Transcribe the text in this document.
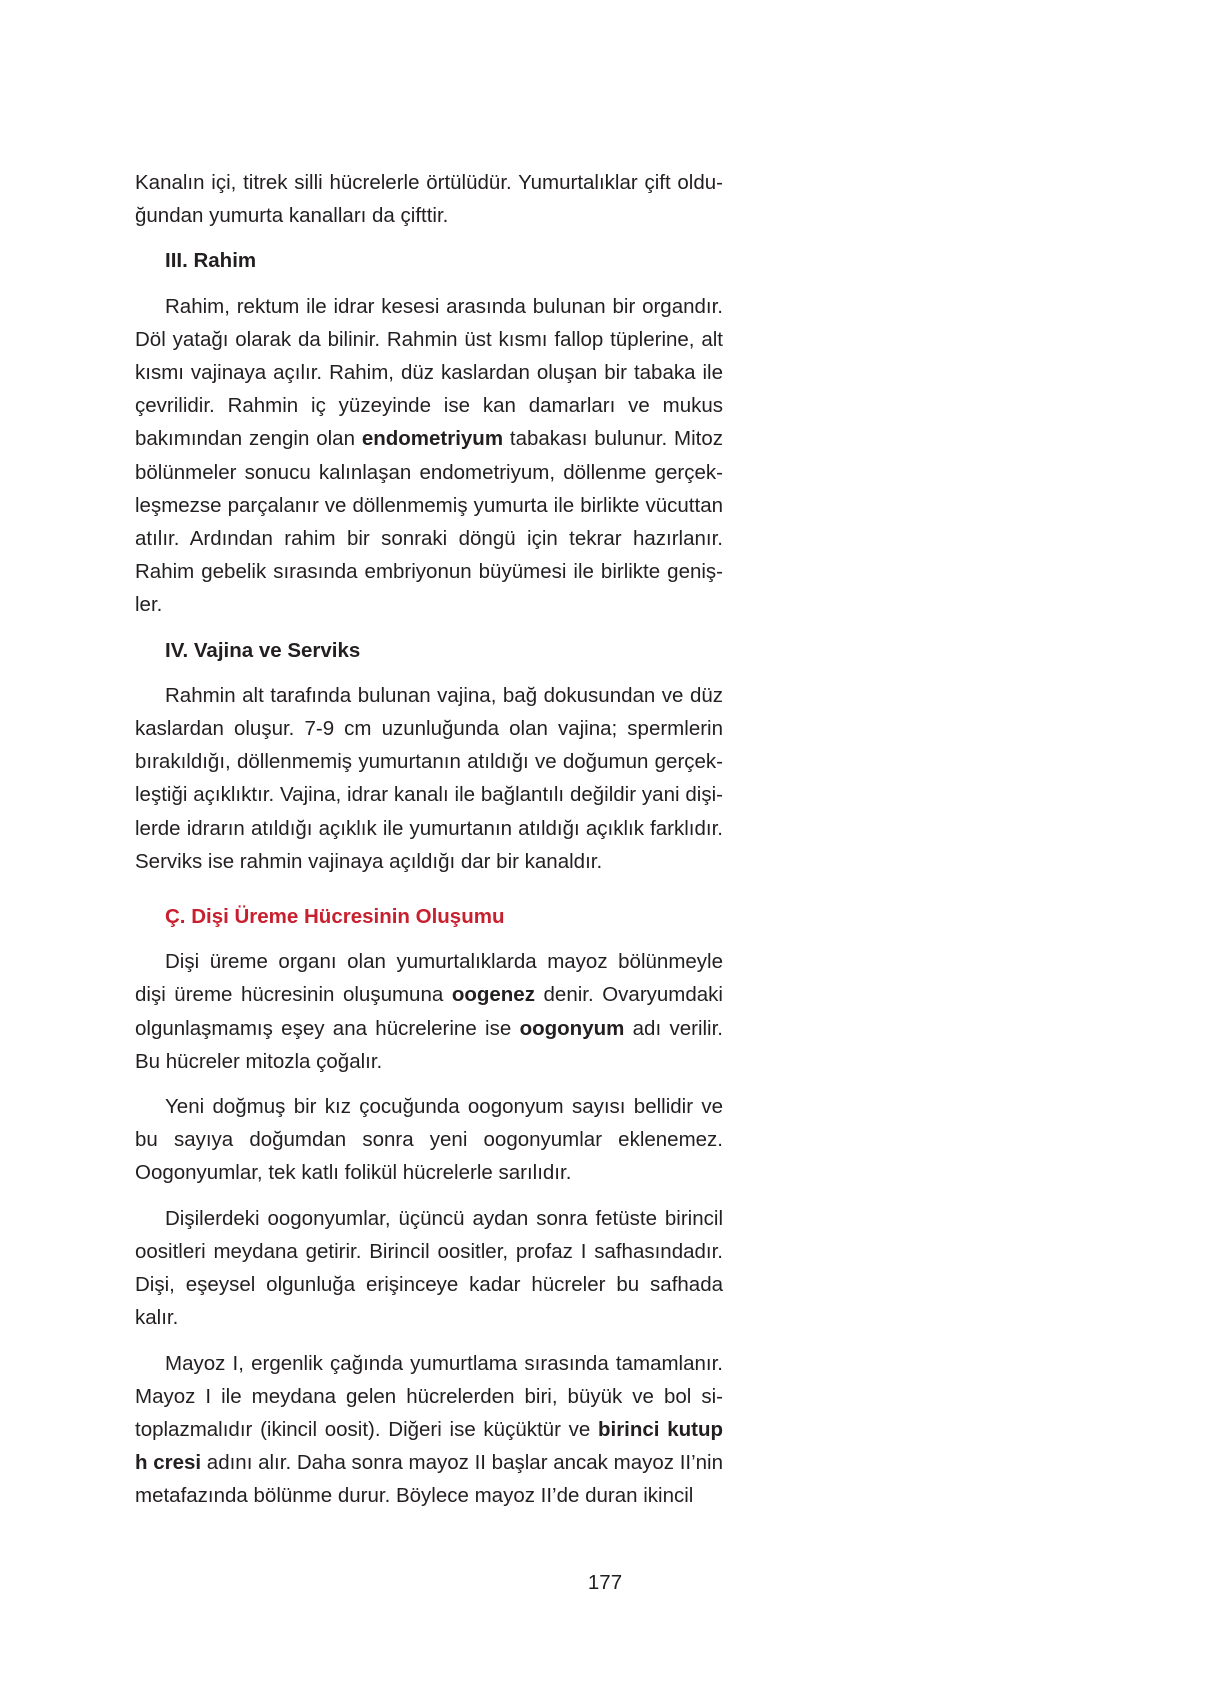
Kanalın içi, titrek silli hücrelerle örtülüdür. Yumurtalıklar çift olduğundan yumurta kanalları da çifttir.

III. Rahim

Rahim, rektum ile idrar kesesi arasında bulunan bir organdır. Döl yatağı olarak da bilinir. Rahmin üst kısmı fallop tüplerine, alt kısmı vajinaya açılır. Rahim, düz kaslardan oluşan bir tabaka ile çevrilidir. Rahmin iç yüzeyinde ise kan damarları ve mukus bakımından zengin olan endometriyum tabakası bulunur. Mitoz bölünmeler sonucu kalınlaşan endometriyum, döllenme gerçekleşmezse parçalanır ve döllenmemiş yumurta ile birlikte vücuttan atılır. Ardından rahim bir sonraki döngü için tekrar hazırlanır. Rahim gebelik sırasında embriyonun büyümesi ile birlikte genişler.

IV. Vajina ve Serviks

Rahmin alt tarafında bulunan vajina, bağ dokusundan ve düz kaslardan oluşur. 7-9 cm uzunluğunda olan vajina; spermlerin bırakıldığı, döllenmemiş yumurtanın atıldığı ve doğumun gerçekleştiği açıklıktır. Vajina, idrar kanalı ile bağlantılı değildir yani dişilerde idrarın atıldığı açıklık ile yumurtanın atıldığı açıklık farklıdır. Serviks ise rahmin vajinaya açıldığı dar bir kanaldır.

Ç. Dişi Üreme Hücresinin Oluşumu

Dişi üreme organı olan yumurtalıklarda mayoz bölünmeyle dişi üreme hücresinin oluşumuna oogenez denir. Ovaryumdaki olgunlaşmamış eşey ana hücrelerine ise oogonyum adı verilir. Bu hücreler mitozla çoğalır.

Yeni doğmuş bir kız çocuğunda oogonyum sayısı bellidir ve bu sayıya doğumdan sonra yeni oogonyumlar eklenemez. Oogonyumlar, tek katlı folikül hücrelerle sarılıdır.

Dişilerdeki oogonyumlar, üçüncü aydan sonra fetüste birincil oositleri meydana getirir. Birincil oositler, profaz I safhasındadır. Dişi, eşeysel olgunluğa erişinceye kadar hücreler bu safhada kalır.

Mayoz I, ergenlik çağında yumurtlama sırasında tamamlanır. Mayoz I ile meydana gelen hücrelerden biri, büyük ve bol sitoplazmalıdır (ikincil oosit). Diğeri ise küçüktür ve birinci kutup h cresi adını alır. Daha sonra mayoz II başlar ancak mayoz II’nin metafazında bölünme durur. Böylece mayoz II’de duran ikincil

177
